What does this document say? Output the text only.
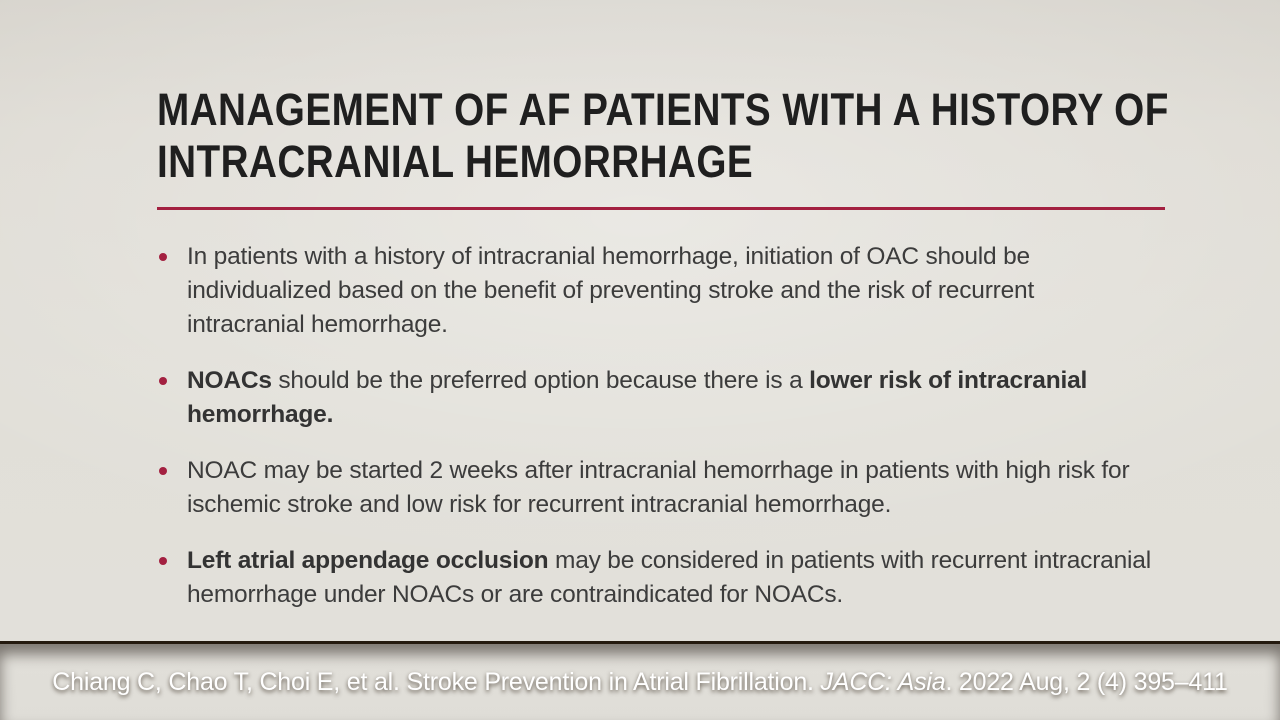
MANAGEMENT OF AF PATIENTS WITH A HISTORY OF INTRACRANIAL HEMORRHAGE
In patients with a history of intracranial hemorrhage, initiation of OAC should be individualized based on the benefit of preventing stroke and the risk of recurrent intracranial hemorrhage.
NOACs should be the preferred option because there is a lower risk of intracranial hemorrhage.
NOAC may be started 2 weeks after intracranial hemorrhage in patients with high risk for ischemic stroke and low risk for recurrent intracranial hemorrhage.
Left atrial appendage occlusion may be considered in patients with recurrent intracranial hemorrhage under NOACs or are contraindicated for NOACs.

Chiang C, Chao T, Choi E, et al. Stroke Prevention in Atrial Fibrillation. JACC: Asia. 2022 Aug, 2 (4) 395–411
